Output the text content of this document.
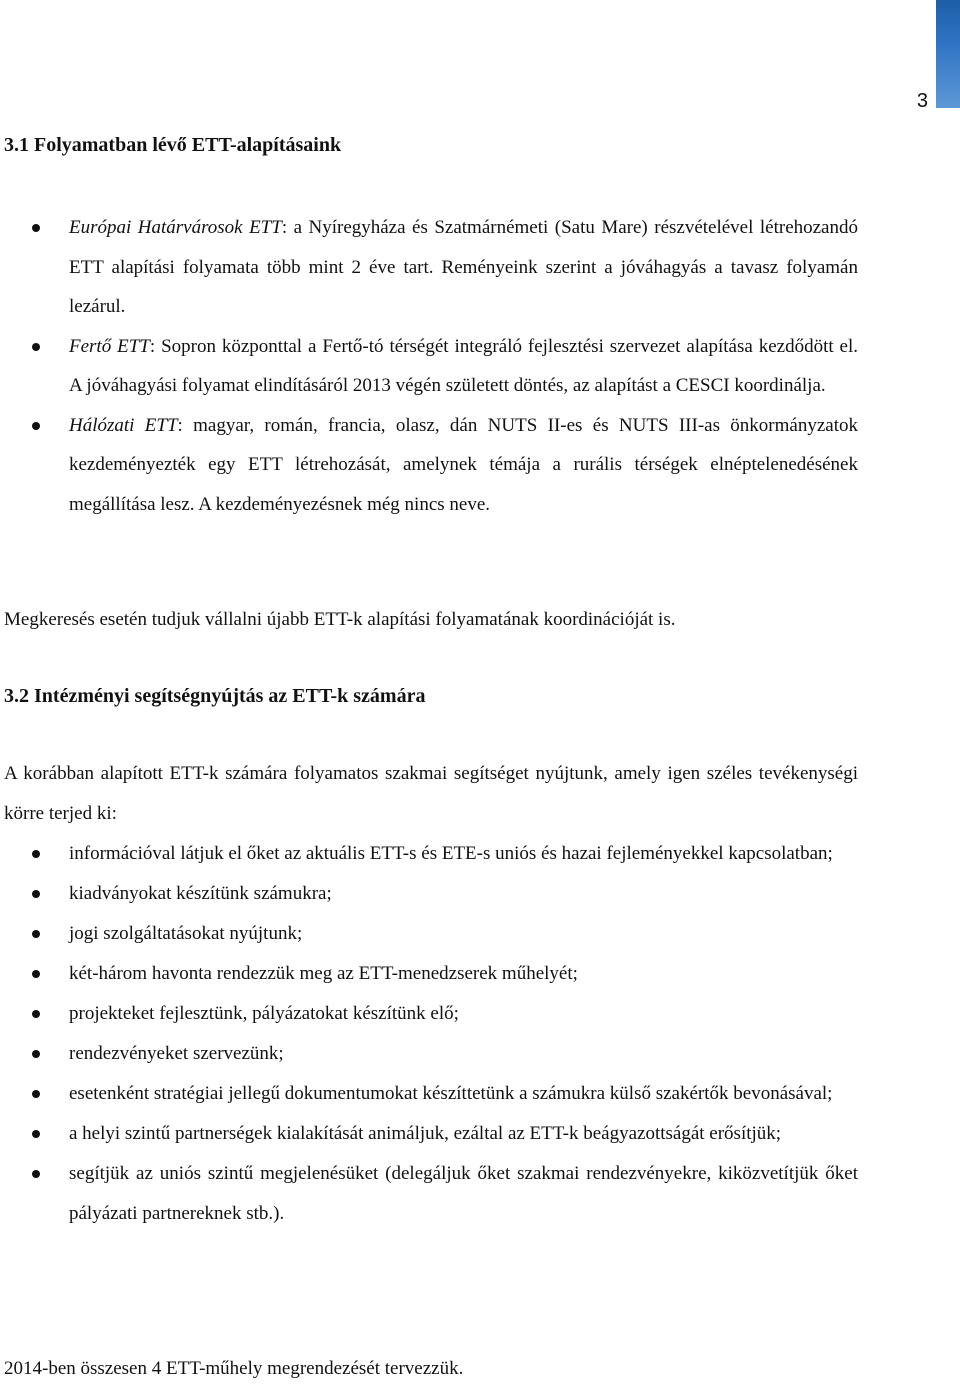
3
3.1 Folyamatban lévő ETT-alapításaink
Európai Határvárosok ETT: a Nyíregyháza és Szatmárnémeti (Satu Mare) részvételével létrehozandó ETT alapítási folyamata több mint 2 éve tart. Reményeink szerint a jóváhagyás a tavasz folyamán lezárul.
Fertő ETT: Sopron központtal a Fertő-tó térségét integráló fejlesztési szervezet alapítása kezdődött el. A jóváhagyási folyamat elindításáról 2013 végén született döntés, az alapítást a CESCI koordinálja.
Hálózati ETT: magyar, román, francia, olasz, dán NUTS II-es és NUTS III-as önkormányzatok kezdeményezték egy ETT létrehozását, amelynek témája a rurális térségek elnéptelenedésének megállítása lesz. A kezdeményezésnek még nincs neve.

Megkeresés esetén tudjuk vállalni újabb ETT-k alapítási folyamatának koordinációját is.

3.2 Intézményi segítségnyújtás az ETT-k számára

A korábban alapított ETT-k számára folyamatos szakmai segítséget nyújtunk, amely igen széles tevékenységi körre terjed ki:

információval látjuk el őket az aktuális ETT-s és ETE-s uniós és hazai fejleményekkel kapcsolatban;
kiadványokat készítünk számukra;
jogi szolgáltatásokat nyújtunk;
két-három havonta rendezzük meg az ETT-menedzserek műhelyét;
projekteket fejlesztünk, pályázatokat készítünk elő;
rendezvényeket szervezünk;
esetenként stratégiai jellegű dokumentumokat készíttetünk a számukra külső szakértők bevonásával;
a helyi szintű partnerségek kialakítását animáljuk, ezáltal az ETT-k beágyazottságát erősítjük;
segítjük az uniós szintű megjelenésüket (delegáljuk őket szakmai rendezvényekre, kiközvetítjük őket pályázati partnereknek stb.).

2014-ben összesen 4 ETT-műhely megrendezését tervezzük.
